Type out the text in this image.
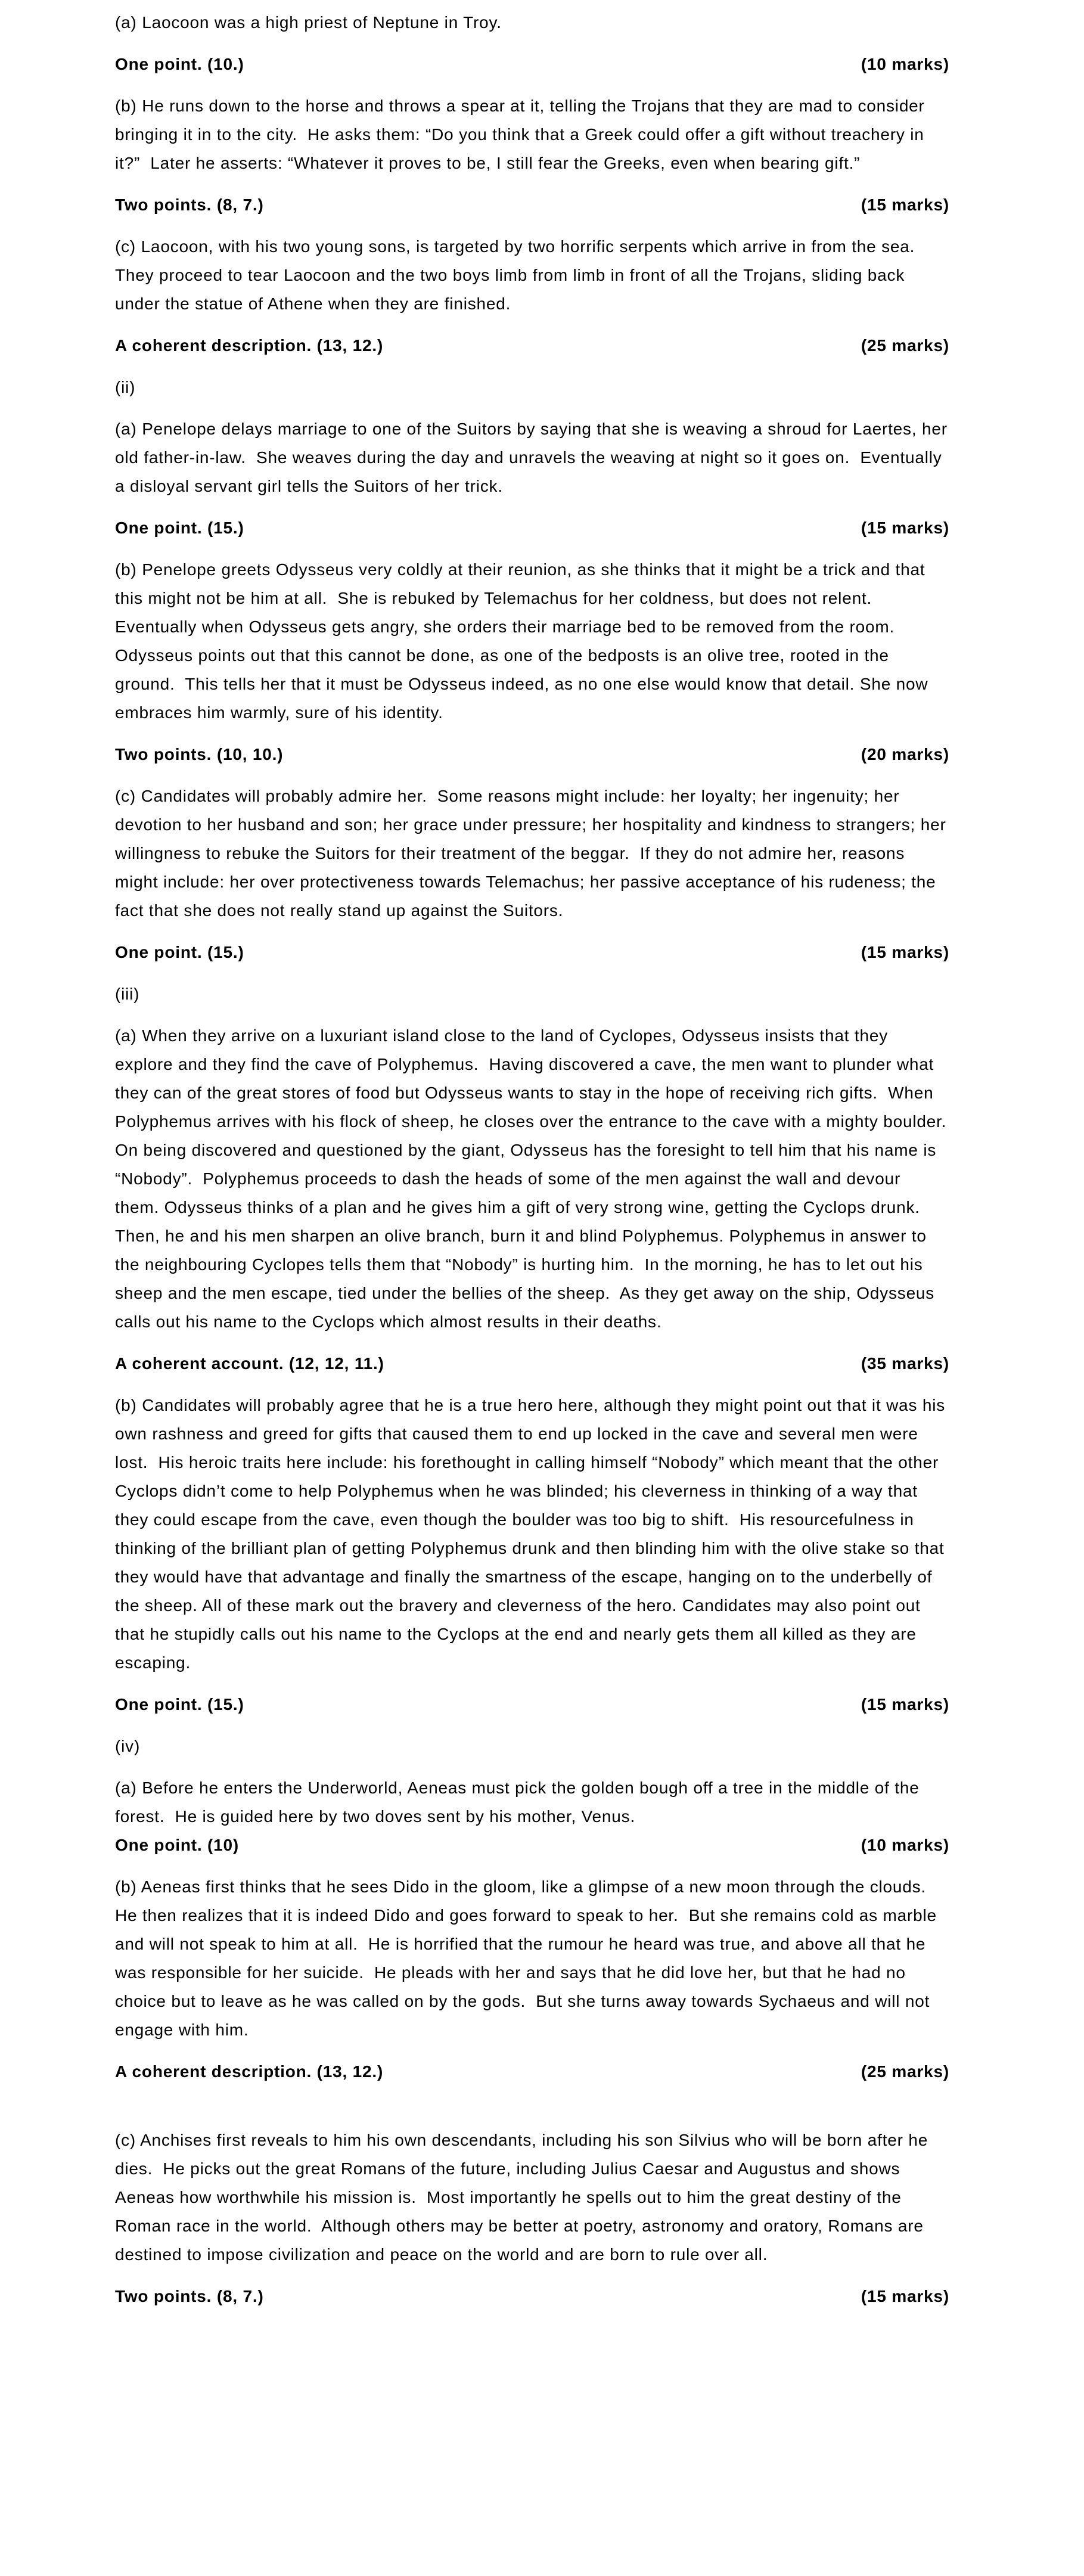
(a) Laocoon was a high priest of Neptune in Troy.

One point. (10.)	(10 marks)

(b) He runs down to the horse and throws a spear at it, telling the Trojans that they are mad to consider bringing it in to the city.  He asks them: “Do you think that a Greek could offer a gift without treachery in it?”  Later he asserts: “Whatever it proves to be, I still fear the Greeks, even when bearing gift.”

Two points. (8, 7.)	(15 marks)

(c) Laocoon, with his two young sons, is targeted by two horrific serpents which arrive in from the sea.  They proceed to tear Laocoon and the two boys limb from limb in front of all the Trojans, sliding back under the statue of Athene when they are finished.

A coherent description. (13, 12.)	(25 marks)

(ii)

(a) Penelope delays marriage to one of the Suitors by saying that she is weaving a shroud for Laertes, her old father-in-law.  She weaves during the day and unravels the weaving at night so it goes on.  Eventually a disloyal servant girl tells the Suitors of her trick.

One point. (15.)	(15 marks)

(b) Penelope greets Odysseus very coldly at their reunion, as she thinks that it might be a trick and that this might not be him at all.  She is rebuked by Telemachus for her coldness, but does not relent.  Eventually when Odysseus gets angry, she orders their marriage bed to be removed from the room.  Odysseus points out that this cannot be done, as one of the bedposts is an olive tree, rooted in the ground.  This tells her that it must be Odysseus indeed, as no one else would know that detail. She now embraces him warmly, sure of his identity.

Two points. (10, 10.)	(20 marks)

(c) Candidates will probably admire her.  Some reasons might include: her loyalty; her ingenuity; her devotion to her husband and son; her grace under pressure; her hospitality and kindness to strangers; her willingness to rebuke the Suitors for their treatment of the beggar.  If they do not admire her, reasons might include: her over protectiveness towards Telemachus; her passive acceptance of his rudeness; the fact that she does not really stand up against the Suitors.

One point. (15.)	(15 marks)

(iii)

(a) When they arrive on a luxuriant island close to the land of Cyclopes, Odysseus insists that they explore and they find the cave of Polyphemus.  Having discovered a cave, the men want to plunder what they can of the great stores of food but Odysseus wants to stay in the hope of receiving rich gifts.  When Polyphemus arrives with his flock of sheep, he closes over the entrance to the cave with a mighty boulder.  On being discovered and questioned by the giant, Odysseus has the foresight to tell him that his name is “Nobody”.  Polyphemus proceeds to dash the heads of some of the men against the wall and devour them. Odysseus thinks of a plan and he gives him a gift of very strong wine, getting the Cyclops drunk.  Then, he and his men sharpen an olive branch, burn it and blind Polyphemus. Polyphemus in answer to the neighbouring Cyclopes tells them that “Nobody” is hurting him.  In the morning, he has to let out his sheep and the men escape, tied under the bellies of the sheep.  As they get away on the ship, Odysseus calls out his name to the Cyclops which almost results in their deaths.

A coherent account. (12, 12, 11.)	(35 marks)

(b) Candidates will probably agree that he is a true hero here, although they might point out that it was his own rashness and greed for gifts that caused them to end up locked in the cave and several men were lost.  His heroic traits here include: his forethought in calling himself “Nobody” which meant that the other Cyclops didn’t come to help Polyphemus when he was blinded; his cleverness in thinking of a way that they could escape from the cave, even though the boulder was too big to shift.  His resourcefulness in thinking of the brilliant plan of getting Polyphemus drunk and then blinding him with the olive stake so that they would have that advantage and finally the smartness of the escape, hanging on to the underbelly of the sheep. All of these mark out the bravery and cleverness of the hero. Candidates may also point out that he stupidly calls out his name to the Cyclops at the end and nearly gets them all killed as they are escaping.

One point. (15.)	(15 marks)

(iv)

(a) Before he enters the Underworld, Aeneas must pick the golden bough off a tree in the middle of the forest.  He is guided here by two doves sent by his mother, Venus.

One point. (10)	(10 marks)

(b) Aeneas first thinks that he sees Dido in the gloom, like a glimpse of a new moon through the clouds.  He then realizes that it is indeed Dido and goes forward to speak to her.  But she remains cold as marble and will not speak to him at all.  He is horrified that the rumour he heard was true, and above all that he was responsible for her suicide.  He pleads with her and says that he did love her, but that he had no choice but to leave as he was called on by the gods.  But she turns away towards Sychaeus and will not engage with him.

A coherent description. (13, 12.)	(25 marks)

(c) Anchises first reveals to him his own descendants, including his son Silvius who will be born after he dies.  He picks out the great Romans of the future, including Julius Caesar and Augustus and shows Aeneas how worthwhile his mission is.  Most importantly he spells out to him the great destiny of the Roman race in the world.  Although others may be better at poetry, astronomy and oratory, Romans are destined to impose civilization and peace on the world and are born to rule over all.

Two points. (8, 7.)	(15 marks)
